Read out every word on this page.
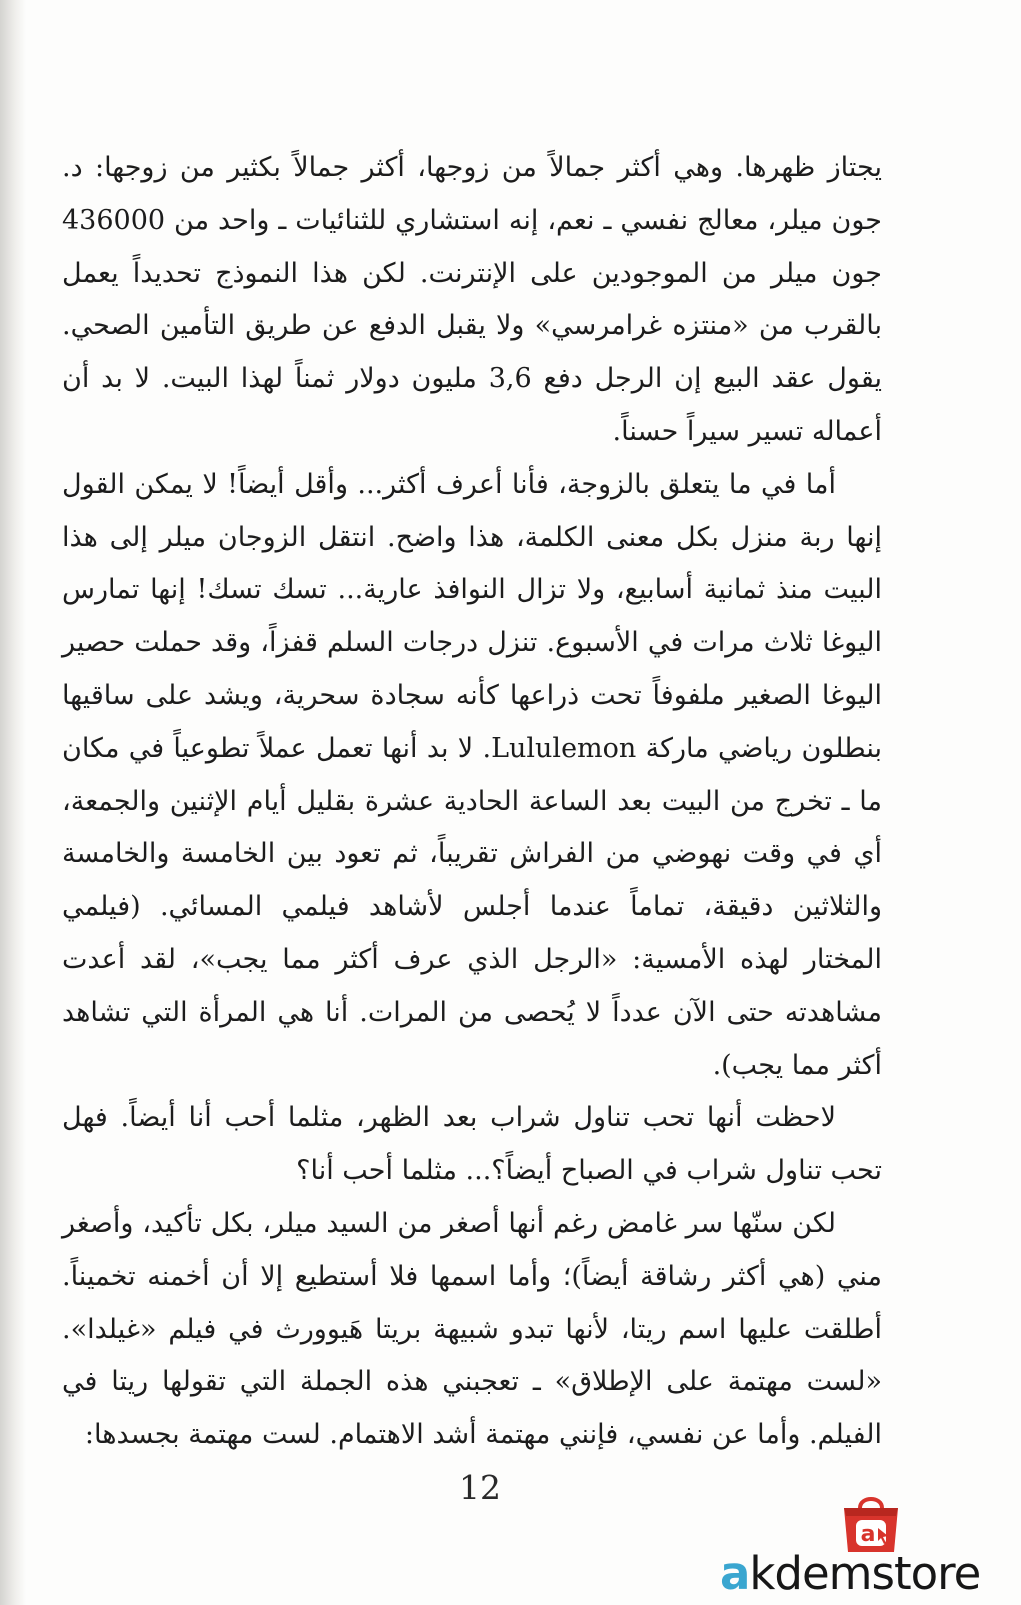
يجتاز ظهرها. وهي أكثر جمالاً من زوجها، أكثر جمالاً بكثير من زوجها: د. جون ميلر، معالج نفسي ـ نعم، إنه استشاري للثنائيات ـ واحد من 436000 جون ميلر من الموجودين على الإنترنت. لكن هذا النموذج تحديداً يعمل بالقرب من «منتزه غرامرسي» ولا يقبل الدفع عن طريق التأمين الصحي. يقول عقد البيع إن الرجل دفع 3,6 مليون دولار ثمناً لهذا البيت. لا بد أن أعماله تسير سيراً حسناً.

أما في ما يتعلق بالزوجة، فأنا أعرف أكثر... وأقل أيضاً! لا يمكن القول إنها ربة منزل بكل معنى الكلمة، هذا واضح. انتقل الزوجان ميلر إلى هذا البيت منذ ثمانية أسابيع، ولا تزال النوافذ عارية... تسك تسك! إنها تمارس اليوغا ثلاث مرات في الأسبوع. تنزل درجات السلم قفزاً، وقد حملت حصير اليوغا الصغير ملفوفاً تحت ذراعها كأنه سجادة سحرية، ويشد على ساقيها بنطلون رياضي ماركة Lululemon. لا بد أنها تعمل عملاً تطوعياً في مكان ما ـ تخرج من البيت بعد الساعة الحادية عشرة بقليل أيام الإثنين والجمعة، أي في وقت نهوضي من الفراش تقريباً، ثم تعود بين الخامسة والخامسة والثلاثين دقيقة، تماماً عندما أجلس لأشاهد فيلمي المسائي. (فيلمي المختار لهذه الأمسية: «الرجل الذي عرف أكثر مما يجب»، لقد أعدت مشاهدته حتى الآن عدداً لا يُحصى من المرات. أنا هي المرأة التي تشاهد أكثر مما يجب).

لاحظت أنها تحب تناول شراب بعد الظهر، مثلما أحب أنا أيضاً. فهل تحب تناول شراب في الصباح أيضاً؟... مثلما أحب أنا؟

لكن سنّها سر غامض رغم أنها أصغر من السيد ميلر، بكل تأكيد، وأصغر مني (هي أكثر رشاقة أيضاً)؛ وأما اسمها فلا أستطيع إلا أن أخمنه تخميناً. أطلقت عليها اسم ريتا، لأنها تبدو شبيهة بريتا هَيوورث في فيلم «غيلدا». «لست مهتمة على الإطلاق» ـ تعجبني هذه الجملة التي تقولها ريتا في الفيلم. وأما عن نفسي، فإنني مهتمة أشد الاهتمام. لست مهتمة بجسدها:

12
a
akdemstore
